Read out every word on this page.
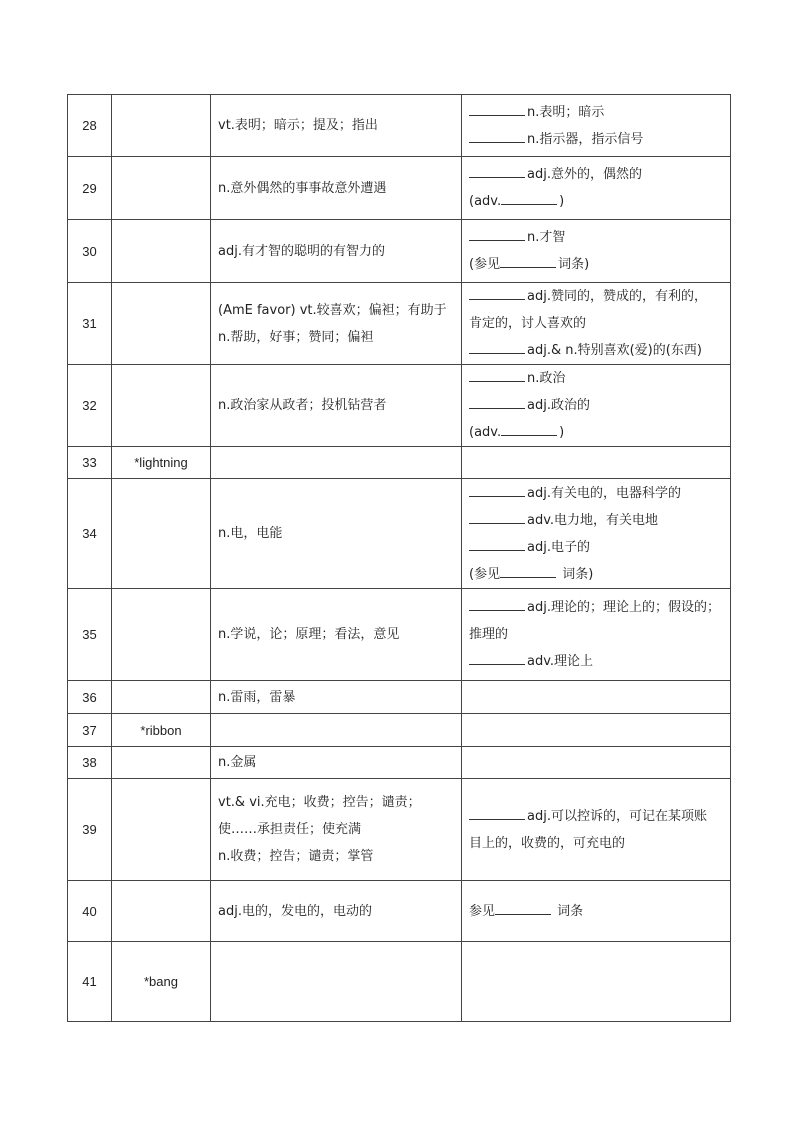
28		vt.表明；暗示；提及；指出	n.表明；暗示
n.指示器，指示信号

29		n.意外偶然的事事故意外遭遇	adj.意外的，偶然的
(adv. )

30		adj.有才智的聪明的有智力的	n.才智
(参见 词条)

31		(AmE favor) vt.较喜欢；偏袒；有助于
n.帮助，好事；赞同；偏袒	adj.赞同的，赞成的，有利的，
肯定的，讨人喜欢的
adj.& n.特别喜欢(爱)的(东西)

32		n.政治家从政者；投机钻营者	n.政治
adj.政治的
(adv. )

33	*lightning		
34		n.电，电能	adj.有关电的，电器科学的
adv.电力地，有关电地
adj.电子的
(参见 词条)

35		n.学说，论；原理；看法，意见	adj.理论的；理论上的；假设的；
推理的
adv.理论上

36		n.雷雨，雷暴	

37	*ribbon		
38		n.金属	

39		vt.& vi.充电；收费；控告；谴责；
使……承担责任；使充满
n.收费；控告；谴责；掌管	adj.可以控诉的，可记在某项账
目上的，收费的，可充电的

40		adj.电的，发电的，电动的	参见 词条

41	*bang		
